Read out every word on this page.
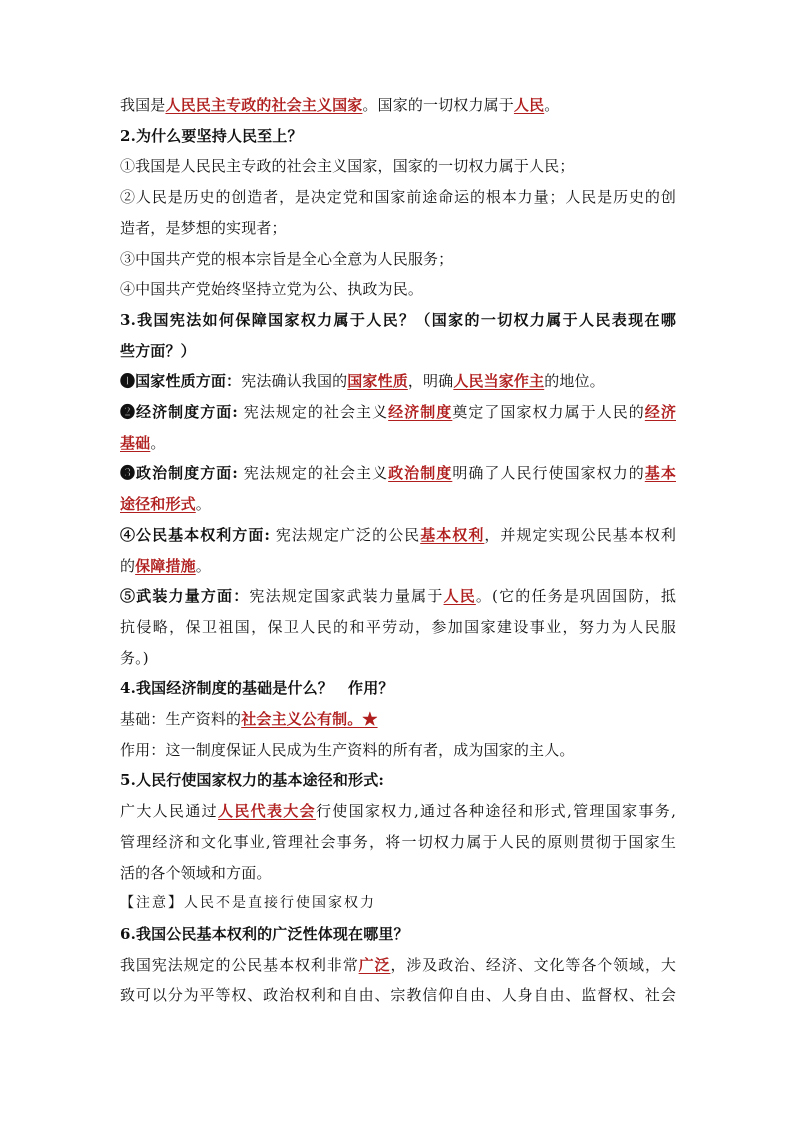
我国是人民民主专政的社会主义国家。国家的一切权力属于人民。
2.为什么要坚持人民至上？
①我国是人民民主专政的社会主义国家，国家的一切权力属于人民；
②人民是历史的创造者，是决定党和国家前途命运的根本力量；人民是历史的创
造者，是梦想的实现者；
③中国共产党的根本宗旨是全心全意为人民服务；
④中国共产党始终坚持立党为公、执政为民。
3.我国宪法如何保障国家权力属于人民？（国家的一切权力属于人民表现在哪
些方面？）
❶国家性质方面：宪法确认我国的国家性质，明确人民当家作主的地位。
❷经济制度方面: 宪法规定的社会主义经济制度奠定了国家权力属于人民的经济
基础。
❸政治制度方面: 宪法规定的社会主义政治制度明确了人民行使国家权力的基本
途径和形式。
④公民基本权利方面: 宪法规定广泛的公民基本权利，并规定实现公民基本权利
的保障措施。
⑤武装力量方面：宪法规定国家武装力量属于人民。(它的任务是巩固国防，抵
抗侵略，保卫祖国，保卫人民的和平劳动，参加国家建设事业，努力为人民服
务。)
4.我国经济制度的基础是什么？　作用？
基础：生产资料的社会主义公有制。★
作用：这一制度保证人民成为生产资料的所有者，成为国家的主人。
5.人民行使国家权力的基本途径和形式:
广大人民通过人民代表大会行使国家权力,通过各种途径和形式,管理国家事务,
管理经济和文化事业,管理社会事务，将一切权力属于人民的原则贯彻于国家生
活的各个领域和方面。
【注意】人民不是直接行使国家权力
6.我国公民基本权利的广泛性体现在哪里？
我国宪法规定的公民基本权利非常广泛，涉及政治、经济、文化等各个领域，大
致可以分为平等权、政治权利和自由、宗教信仰自由、人身自由、监督权、社会
